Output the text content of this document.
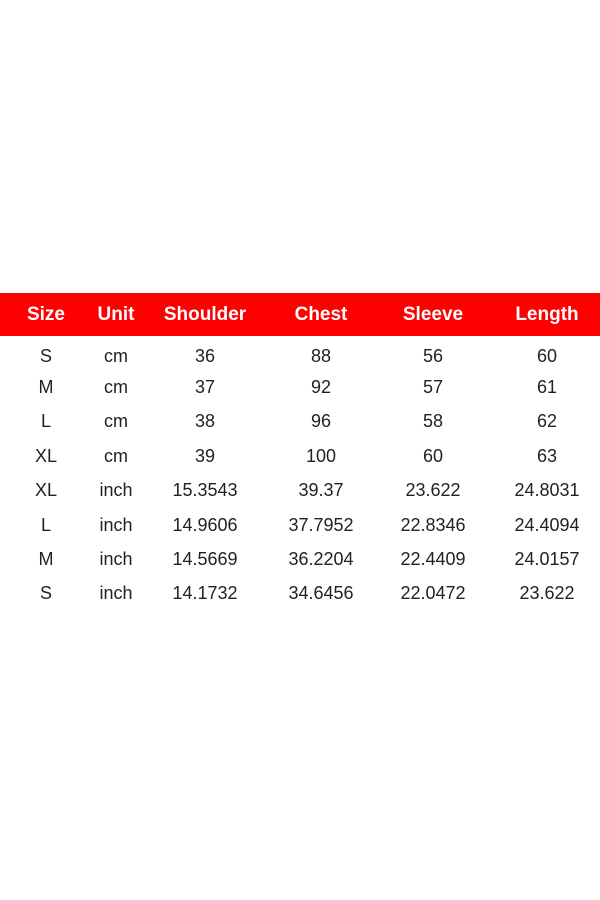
Size	Unit	Shoulder	Chest	Sleeve	Length
S	cm	36	88	56	60
M	cm	37	92	57	61
L	cm	38	96	58	62
XL	cm	39	100	60	63
XL	inch	15.3543	39.37	23.622	24.8031
L	inch	14.9606	37.7952	22.8346	24.4094
M	inch	14.5669	36.2204	22.4409	24.0157
S	inch	14.1732	34.6456	22.0472	23.622
